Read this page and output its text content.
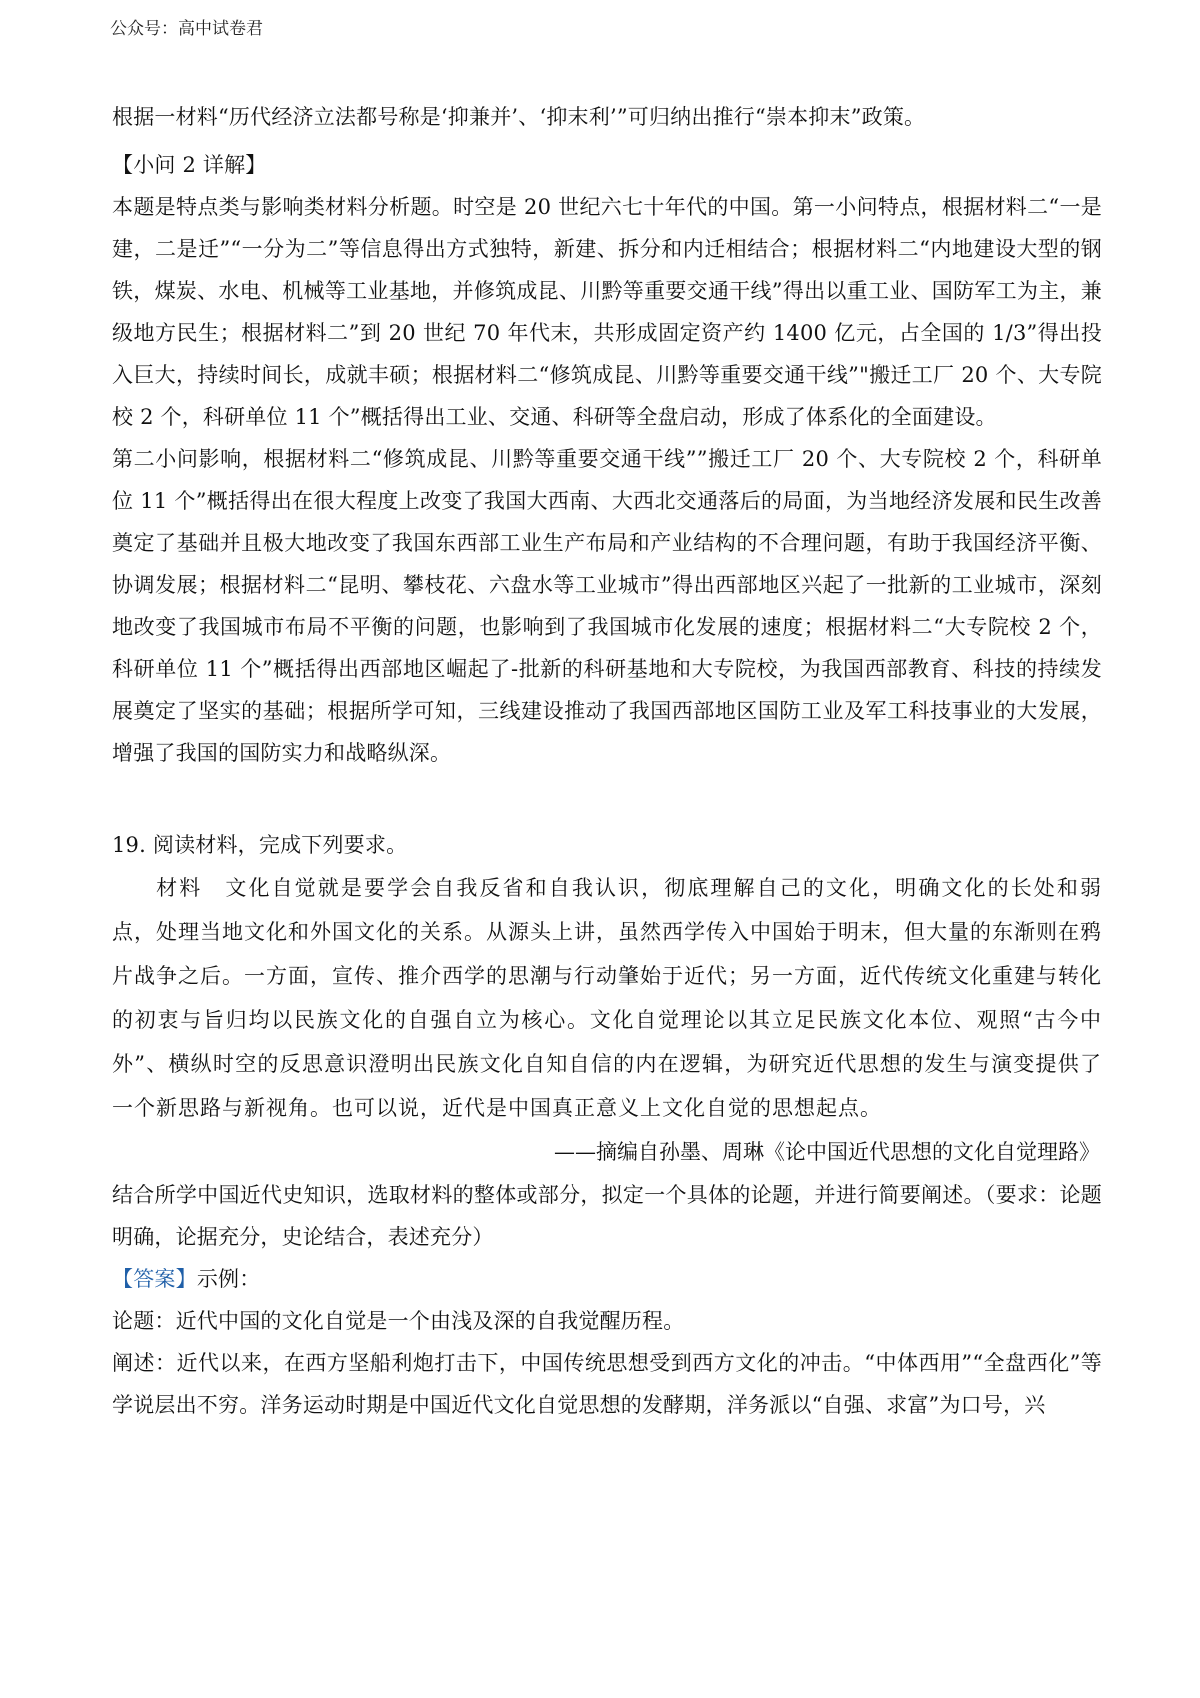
公众号：高中试卷君

根据一材料“历代经济立法都号称是‘抑兼并’、‘抑末利’”可归纳出推行“崇本抑末”政策。

【小问 2 详解】

本题是特点类与影响类材料分析题。时空是 20 世纪六七十年代的中国。第一小问特点，根据材料二“一是建，二是迁”“一分为二”等信息得出方式独特，新建、拆分和内迁相结合；根据材料二“内地建设大型的钢铁，煤炭、水电、机械等工业基地，并修筑成昆、川黔等重要交通干线”得出以重工业、国防军工为主，兼级地方民生；根据材料二”到 20 世纪 70 年代末，共形成固定资产约 1400 亿元，占全国的 1/3”得出投入巨大，持续时间长，成就丰硕；根据材料二“修筑成昆、川黔等重要交通干线”"搬迁工厂 20 个、大专院校 2 个，科研单位 11 个”概括得出工业、交通、科研等全盘启动，形成了体系化的全面建设。

第二小问影响，根据材料二“修筑成昆、川黔等重要交通干线””搬迁工厂 20 个、大专院校 2 个，科研单位 11 个”概括得出在很大程度上改变了我国大西南、大西北交通落后的局面，为当地经济发展和民生改善奠定了基础并且极大地改变了我国东西部工业生产布局和产业结构的不合理问题，有助于我国经济平衡、协调发展；根据材料二“昆明、攀枝花、六盘水等工业城市”得出西部地区兴起了一批新的工业城市，深刻地改变了我国城市布局不平衡的问题，也影响到了我国城市化发展的速度；根据材料二“大专院校 2 个，科研单位 11 个”概括得出西部地区崛起了-批新的科研基地和大专院校，为我国西部教育、科技的持续发展奠定了坚实的基础；根据所学可知，三线建设推动了我国西部地区国防工业及军工科技事业的大发展，增强了我国的国防实力和战略纵深。

19. 阅读材料，完成下列要求。

材料　文化自觉就是要学会自我反省和自我认识，彻底理解自己的文化，明确文化的长处和弱点，处理当地文化和外国文化的关系。从源头上讲，虽然西学传入中国始于明末，但大量的东渐则在鸦片战争之后。一方面，宣传、推介西学的思潮与行动肇始于近代；另一方面，近代传统文化重建与转化的初衷与旨归均以民族文化的自强自立为核心。文化自觉理论以其立足民族文化本位、观照“古今中外”、横纵时空的反思意识澄明出民族文化自知自信的内在逻辑，为研究近代思想的发生与演变提供了一个新思路与新视角。也可以说，近代是中国真正意义上文化自觉的思想起点。

——摘编自孙墨、周琳《论中国近代思想的文化自觉理路》

结合所学中国近代史知识，选取材料的整体或部分，拟定一个具体的论题，并进行简要阐述。（要求：论题明确，论据充分，史论结合，表述充分）

【答案】示例：

论题：近代中国的文化自觉是一个由浅及深的自我觉醒历程。

阐述：近代以来，在西方坚船利炮打击下，中国传统思想受到西方文化的冲击。“中体西用”“全盘西化”等学说层出不穷。洋务运动时期是中国近代文化自觉思想的发酵期，洋务派以“自强、求富”为口号，兴
